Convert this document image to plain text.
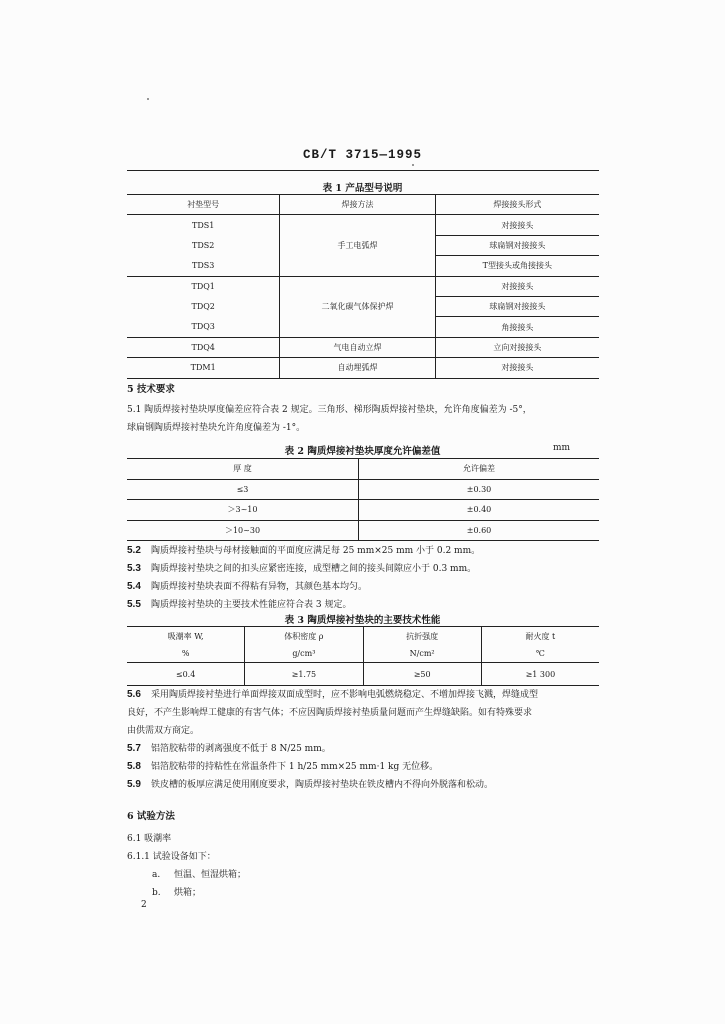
CB/T 3715—1995
表 1 产品型号说明
衬垫型号	焊接方法	焊接接头形式
TDS1	手工电弧焊	对接接头
TDS2		球扁钢对接接头
TDS3		T型接头或角接接头
TDQ1	二氧化碳气体保护焊	对接接头
TDQ2		球扁钢对接接头
TDQ3		角接接头
TDQ4	气电自动立焊	立向对接接头
TDM1	自动埋弧焊	对接接头
5 技术要求
5.1 陶质焊接衬垫块厚度偏差应符合表 2 规定。三角形、梯形陶质焊接衬垫块，允许角度偏差为 -5°，
球扁钢陶质焊接衬垫块允许角度偏差为 -1°。
表 2 陶质焊接衬垫块厚度允许偏差值	mm
厚 度	允许偏差
≤3	±0.30
＞3~10	±0.40
＞10~30	±0.60
5.2 陶质焊接衬垫块与母材接触面的平面度应满足每 25 mm×25 mm 小于 0.2 mm。
5.3 陶质焊接衬垫块之间的扣头应紧密连接，成型槽之间的接头间隙应小于 0.3 mm。
5.4 陶质焊接衬垫块表面不得粘有异物，其颜色基本均匀。
5.5 陶质焊接衬垫块的主要技术性能应符合表 3 规定。
表 3 陶质焊接衬垫块的主要技术性能
吸潮率 W,	体积密度 ρ	抗折强度	耐火度 t
%	g/cm³	N/cm²	℃
≤0.4	≥1.75	≥50	≥1 300
5.6 采用陶质焊接衬垫进行单面焊接双面成型时，应不影响电弧燃烧稳定、不增加焊接飞溅，焊缝成型
良好，不产生影响焊工健康的有害气体；不应因陶质焊接衬垫质量问题而产生焊缝缺陷。如有特殊要求
由供需双方商定。
5.7 铝箔胶粘带的剥离强度不低于 8 N/25 mm。
5.8 铝箔胶粘带的持粘性在常温条件下 1 h/25 mm×25 mm·1 kg 无位移。
5.9 铁皮槽的板厚应满足使用刚度要求，陶质焊接衬垫块在铁皮槽内不得向外脱落和松动。
6 试验方法
6.1 吸潮率
6.1.1 试验设备如下：
a. 恒温、恒湿烘箱；
b. 烘箱；
2
